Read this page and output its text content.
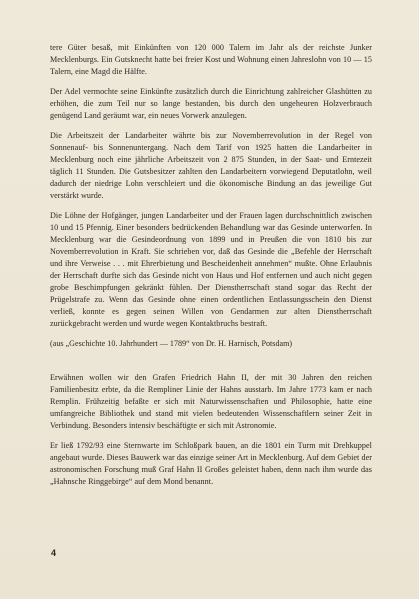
tere Güter besaß, mit Einkünften von 120 000 Talern im Jahr als der reichste Junker Mecklenburgs. Ein Gutsknecht hatte bei freier Kost und Wohnung einen Jahreslohn von 10 — 15 Talern, eine Magd die Hälfte.

Der Adel vermochte seine Einkünfte zusätzlich durch die Einrichtung zahlreicher Glashütten zu erhöhen, die zum Teil nur so lange bestanden, bis durch den ungeheuren Holzverbrauch genügend Land geräumt war, ein neues Vorwerk anzulegen.

Die Arbeitszeit der Landarbeiter währte bis zur Novemberrevolution in der Regel von Sonnenauf- bis Sonnenuntergang. Nach dem Tarif von 1925 hatten die Landarbeiter in Mecklenburg noch eine jährliche Arbeitszeit von 2 875 Stunden, in der Saat- und Erntezeit täglich 11 Stunden. Die Gutsbesitzer zahlten den Landarbeitern vorwiegend Deputatlohn, weil dadurch der niedrige Lohn verschleiert und die ökonomische Bindung an das jeweilige Gut verstärkt wurde.

Die Löhne der Hofgänger, jungen Landarbeiter und der Frauen lagen durchschnittlich zwischen 10 und 15 Pfennig. Einer besonders bedrückenden Behandlung war das Gesinde unterworfen. In Mecklenburg war die Gesindeordnung von 1899 und in Preußen die von 1810 bis zur Novemberrevolution in Kraft. Sie schrieben vor, daß das Gesinde die „Befehle der Herrschaft und ihre Verweise . . . mit Ehrerbietung und Bescheidenheit annehmen“ mußte. Ohne Erlaubnis der Herrschaft durfte sich das Gesinde nicht von Haus und Hof entfernen und auch nicht gegen grobe Beschimpfungen gekränkt fühlen. Der Dienstherrschaft stand sogar das Recht der Prügelstrafe zu. Wenn das Gesinde ohne einen ordentlichen Entlassungsschein den Dienst verließ, konnte es gegen seinen Willen von Gendarmen zur alten Dienstherrschaft zurückgebracht werden und wurde wegen Kontaktbruchs bestraft.

(aus „Geschichte 10. Jahrhundert — 1789“ von Dr. H. Harnisch, Potsdam)

Erwähnen wollen wir den Grafen Friedrich Hahn II, der mit 30 Jahren den reichen Familienbesitz erbte, da die Rempliner Linie der Hahns ausstarb. Im Jahre 1773 kam er nach Remplin. Frühzeitig befaßte er sich mit Naturwissenschaften und Philosophie, hatte eine umfangreiche Bibliothek und stand mit vielen bedeutenden Wissenschaftlern seiner Zeit in Verbindung. Besonders intensiv beschäftigte er sich mit Astronomie.

Er ließ 1792/93 eine Sternwarte im Schloßpark bauen, an die 1801 ein Turm mit Drehkuppel angebaut wurde. Dieses Bauwerk war das einzige seiner Art in Mecklenburg. Auf dem Gebiet der astronomischen Forschung muß Graf Hahn II Großes geleistet haben, denn nach ihm wurde das „Hahnsche Ringgebirge“ auf dem Mond benannt.

4
